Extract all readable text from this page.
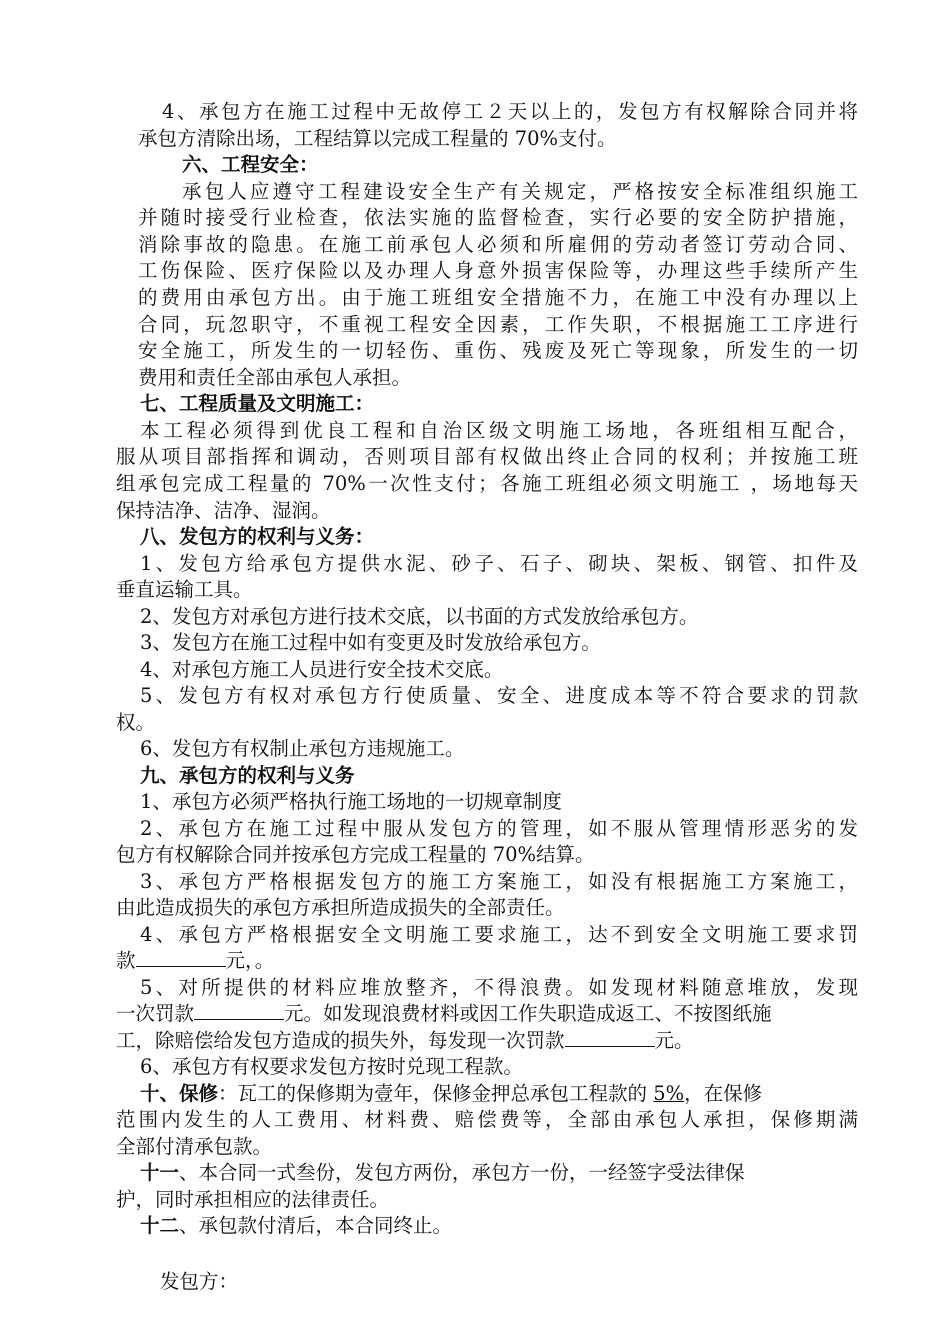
4、承包方在施工过程中无故停工２天以上的，发包方有权解除合同并将
承包方清除出场，工程结算以完成工程量的 70%支付。
六、工程安全：
承包人应遵守工程建设安全生产有关规定，严格按安全标准组织施工
并随时接受行业检查，依法实施的监督检查，实行必要的安全防护措施，
消除事故的隐患。在施工前承包人必须和所雇佣的劳动者签订劳动合同、
工伤保险、医疗保险以及办理人身意外损害保险等，办理这些手续所产生
的费用由承包方出。由于施工班组安全措施不力，在施工中没有办理以上
合同，玩忽职守，不重视工程安全因素，工作失职，不根据施工工序进行
安全施工，所发生的一切轻伤、重伤、残废及死亡等现象，所发生的一切
费用和责任全部由承包人承担。
七、工程质量及文明施工：
本工程必须得到优良工程和自治区级文明施工场地，各班组相互配合，
服从项目部指挥和调动，否则项目部有权做出终止合同的权利；并按施工班
组承包完成工程量的 70%一次性支付；各施工班组必须文明施工 ，场地每天
保持洁净、洁净、湿润。
八、发包方的权利与义务：
1、发包方给承包方提供水泥、砂子、石子、砌块、架板、钢管、扣件及
垂直运输工具。
2、发包方对承包方进行技术交底，以书面的方式发放给承包方。
3、发包方在施工过程中如有变更及时发放给承包方。
4、对承包方施工人员进行安全技术交底。
5、发包方有权对承包方行使质量、安全、进度成本等不符合要求的罚款
权。
6、发包方有权制止承包方违规施工。
九、承包方的权利与义务
1、承包方必须严格执行施工场地的一切规章制度
2、承包方在施工过程中服从发包方的管理，如不服从管理情形恶劣的发
包方有权解除合同并按承包方完成工程量的 70%结算。
3、承包方严格根据发包方的施工方案施工，如没有根据施工方案施工，
由此造成损失的承包方承担所造成损失的全部责任。
4、承包方严格根据安全文明施工要求施工，达不到安全文明施工要求罚
款	元，。
5、对所提供的材料应堆放整齐，不得浪费。如发现材料随意堆放，发现
一次罚款	元。如发现浪费材料或因工作失职造成返工、不按图纸施
工，除赔偿给发包方造成的损失外，每发现一次罚款	元。
6、承包方有权要求发包方按时兑现工程款。
十、保修：瓦工的保修期为壹年，保修金押总承包工程款的 5%，在保修
范围内发生的人工费用、材料费、赔偿费等，全部由承包人承担，保修期满
全部付清承包款。
十一、本合同一式叁份，发包方两份，承包方一份，一经签字受法律保
护，同时承担相应的法律责任。
十二、承包款付清后，本合同终止。
发包方：
